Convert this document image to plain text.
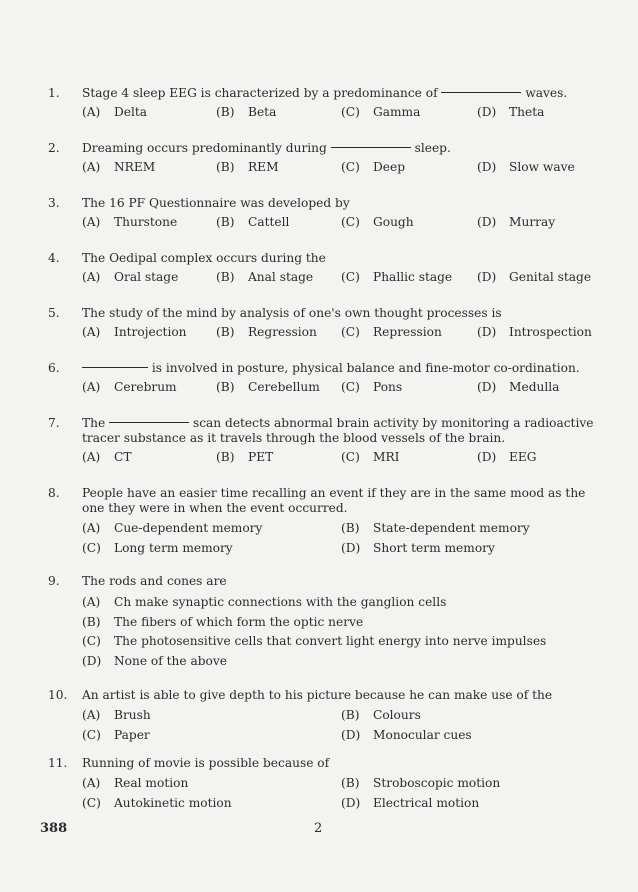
1. Stage 4 sleep EEG is characterized by a predominance of	waves.
(A) Delta	(B) Beta	(C) Gamma	(D) Theta
2. Dreaming occurs predominantly during	sleep.
(A) NREM	(B) REM	(C) Deep	(D) Slow wave
3. The 16 PF Questionnaire was developed by
(A) Thurstone	(B) Cattell	(C) Gough	(D) Murray
4. The Oedipal complex occurs during the
(A) Oral stage	(B) Anal stage (C) Phallic stage (D) Genital stage
5. The study of the mind by analysis of one's own thought processes is
(A) Introjection (B) Regression (C) Repression	(D) Introspection
6.	is involved in posture, physical balance and fine-motor co-ordination.
(A) Cerebrum	(B) Cerebellum (C) Pons	(D) Medulla
7. The	scan detects abnormal brain activity by monitoring a radioactive tracer substance as it travels through the blood vessels of the brain.
(A) CT	(B) PET	(C) MRI	(D) EEG
8. People have an easier time recalling an event if they are in the same mood as the one they were in when the event occurred.
(A) Cue-dependent memory	(B) State-dependent memory
(C) Long term memory	(D) Short term memory
9. The rods and cones are
(A) Ch make synaptic connections with the ganglion cells
(B) The fibers of which form the optic nerve
(C) The photosensitive cells that convert light energy into nerve impulses
(D) None of the above
10. An artist is able to give depth to his picture because he can make use of the
(A) Brush	(B) Colours
(C) Paper	(D) Monocular cues
11. Running of movie is possible because of
(A) Real motion	(B) Stroboscopic motion
(C) Autokinetic motion	(D) Electrical motion
388	2
